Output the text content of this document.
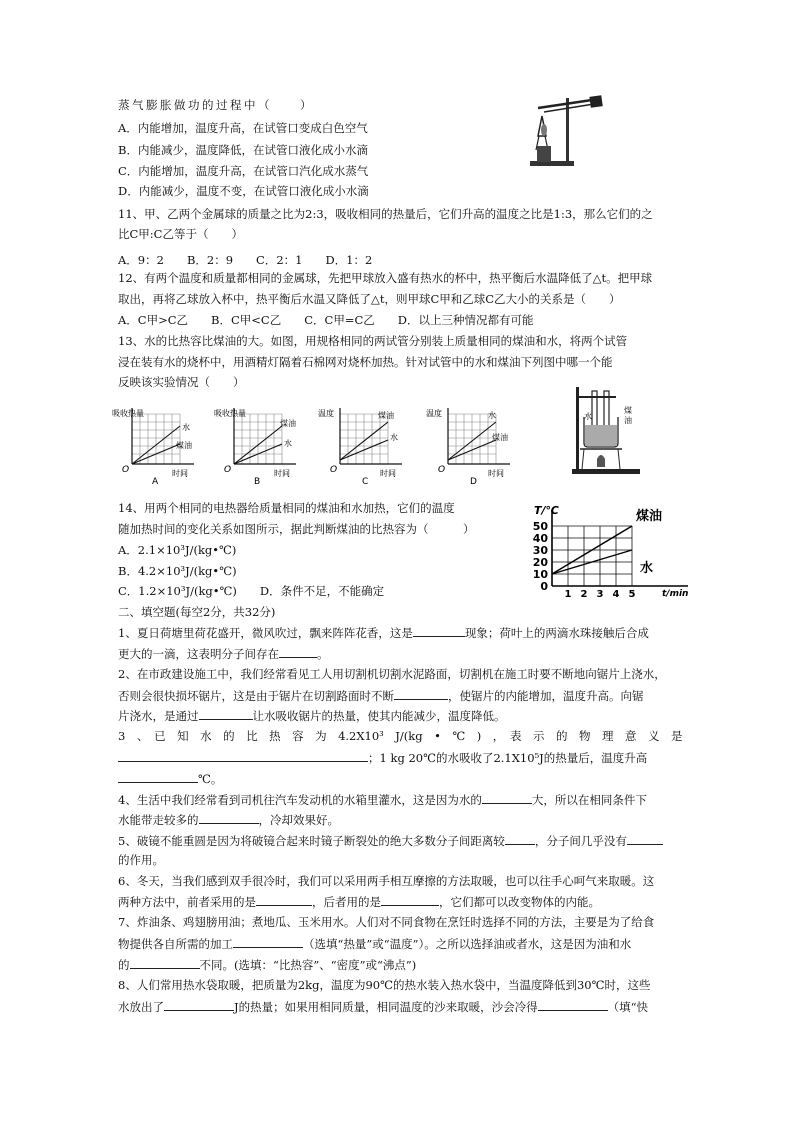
蒸气膨胀做功的过程中（　　）
A．内能增加，温度升高，在试管口变成白色空气
B．内能减少，温度降低，在试管口液化成小水滴
C．内能增加，温度升高，在试管口汽化成水蒸气
D．内能减少，温度不变，在试管口液化成小水滴
11、甲、乙两个金属球的质量之比为2:3，吸收相同的热量后，它们升高的温度之比是1:3，那么它们的之
比C甲:C乙等于（　　）
A．9：2　　B．2：9　　C．2：1　　D．1：2
12、有两个温度和质量都相同的金属球，先把甲球放入盛有热水的杯中，热平衡后水温降低了△t。把甲球
取出，再将乙球放入杯中，热平衡后水温又降低了△t，则甲球C甲和乙球C乙大小的关系是（　　）
A．C甲>C乙　　B．C甲<C乙　　C．C甲=C乙　　D．以上三种情况都有可能
13、水的比热容比煤油的大。如图，用规格相同的两试管分别装上质量相同的煤油和水，将两个试管
浸在装有水的烧杯中，用酒精灯隔着石棉网对烧杯加热。针对试管中的水和煤油下列图中哪一个能
反映该实验情况（　　）
吸收热量
水
煤油
O	时间
A
吸收热量
煤油
水
O	时间
B
温度	煤油
水
O	时间
C
温度	水
煤油
O	时间
D
水
煤
油
14、用两个相同的电热器给质量相同的煤油和水加热，它们的温度
随加热时间的变化关系如图所示，据此判断煤油的比热容为（　　　）
A．2.1×10³J/(kg•℃)
B．4.2×10³J/(kg•℃)
C．1.2×10³J/(kg•℃)　　D．条件不足，不能确定
煤油
水
0
10
20
30
40
50
1 2 3 4 5
T/℃
t/min
二、填空题(每空2分，共32分)
1、夏日荷塘里荷花盛开，微风吹过，飘来阵阵花香，这是	现象；荷叶上的两滴水珠接触后合成
更大的一滴，这表明分子间存在	。
2、在市政建设施工中，我们经常看见工人用切割机切割水泥路面，切割机在施工时要不断地向锯片上浇水，
否则会很快损坏锯片，这是由于锯片在切割路面时不断	，使锯片的内能增加，温度升高。向锯
片浇水，是通过	让水吸收锯片的热量，使其内能减少，温度降低。
3　、　已　知　水　的　比　热　容　为　4.2X10³　J/(kg　•　℃　)　，　表　示　的　物　理　意　义　是
；1 kg 20℃的水吸收了2.1X10⁵J的热量后，温度升高
℃。
4、生活中我们经常看到司机往汽车发动机的水箱里灌水，这是因为水的	大，所以在相同条件下
水能带走较多的	，冷却效果好。
5、破镜不能重圆是因为将破镜合起来时镜子断裂处的绝大多数分子间距离较	，分子间几乎没有
的作用。
6、冬天，当我们感到双手很冷时，我们可以采用两手相互摩擦的方法取暖，也可以往手心呵气来取暖。这
两种方法中，前者采用的是	，后者用的是	，它们都可以改变物体的内能。
7、炸油条、鸡翅膀用油；煮地瓜、玉米用水。人们对不同食物在烹饪时选择不同的方法，主要是为了给食
物提供各自所需的加工	（选填“热量”或“温度”）。之所以选择油或者水，这是因为油和水
的	不同。(选填：“比热容”、“密度”或“沸点”)
8、人们常用热水袋取暖，把质量为2kg，温度为90℃的热水装入热水袋中，当温度降低到30℃时，这些
水放出了	J的热量；如果用相同质量，相同温度的沙来取暖，沙会冷得	（填“快
